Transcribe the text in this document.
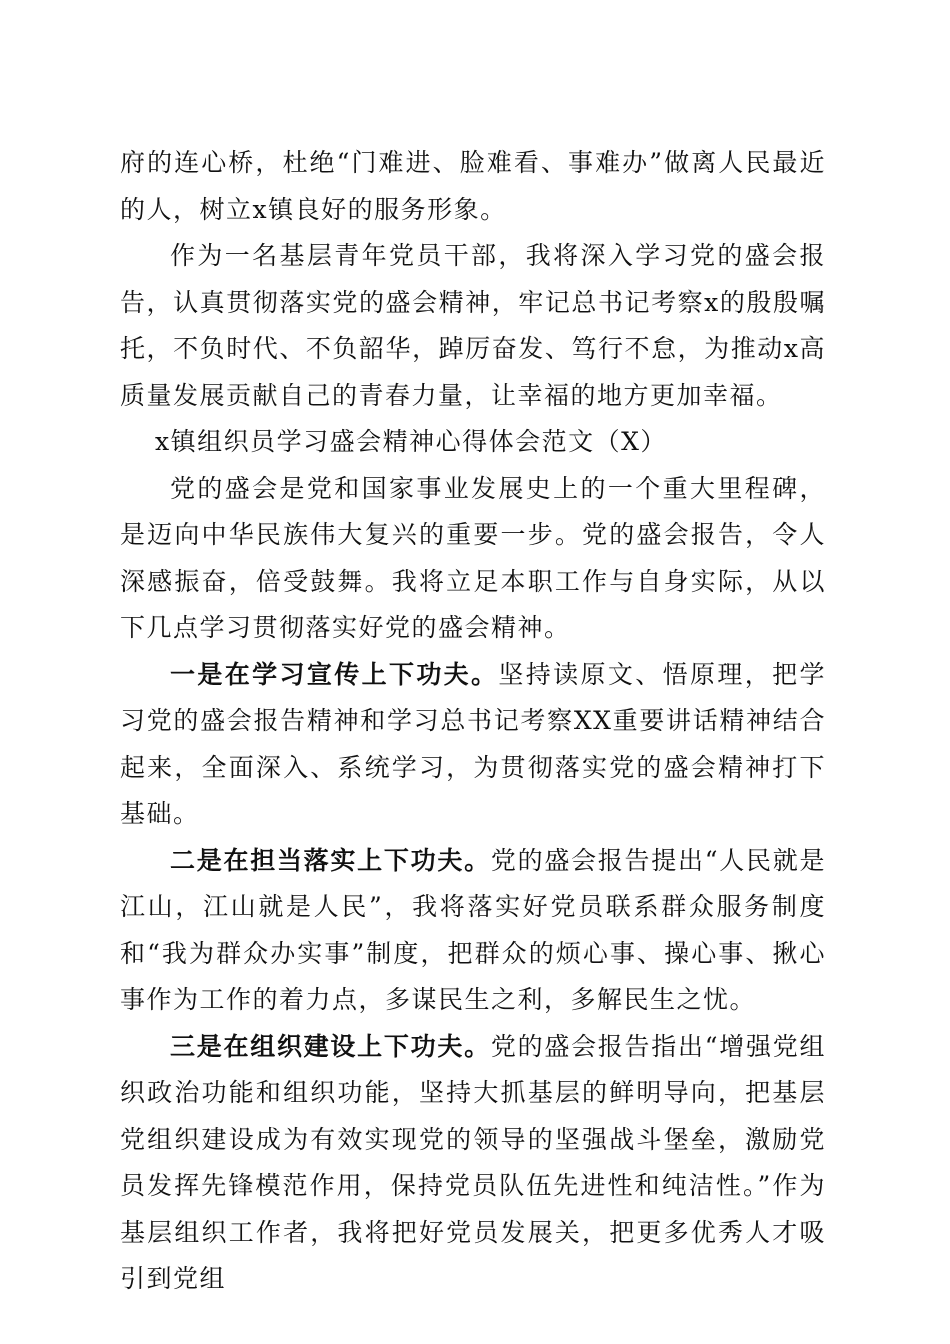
府的连心桥，杜绝“门难进、脸难看、事难办”做离人民最近的人，树立x镇良好的服务形象。

作为一名基层青年党员干部，我将深入学习党的盛会报告，认真贯彻落实党的盛会精神，牢记总书记考察x的殷殷嘱托，不负时代、不负韶华，踔厉奋发、笃行不怠，为推动x高质量发展贡献自己的青春力量，让幸福的地方更加幸福。

x镇组织员学习盛会精神心得体会范文（X）

党的盛会是党和国家事业发展史上的一个重大里程碑，是迈向中华民族伟大复兴的重要一步。党的盛会报告，令人深感振奋，倍受鼓舞。我将立足本职工作与自身实际，从以下几点学习贯彻落实好党的盛会精神。

一是在学习宣传上下功夫。坚持读原文、悟原理，把学习党的盛会报告精神和学习总书记考察XX重要讲话精神结合起来，全面深入、系统学习，为贯彻落实党的盛会精神打下基础。

二是在担当落实上下功夫。党的盛会报告提出“人民就是江山，江山就是人民”，我将落实好党员联系群众服务制度和“我为群众办实事”制度，把群众的烦心事、操心事、揪心事作为工作的着力点，多谋民生之利，多解民生之忧。

三是在组织建设上下功夫。党的盛会报告指出“增强党组织政治功能和组织功能，坚持大抓基层的鲜明导向，把基层党组织建设成为有效实现党的领导的坚强战斗堡垒，激励党员发挥先锋模范作用，保持党员队伍先进性和纯洁性。”作为基层组织工作者，我将把好党员发展关，把更多优秀人才吸引到党组
